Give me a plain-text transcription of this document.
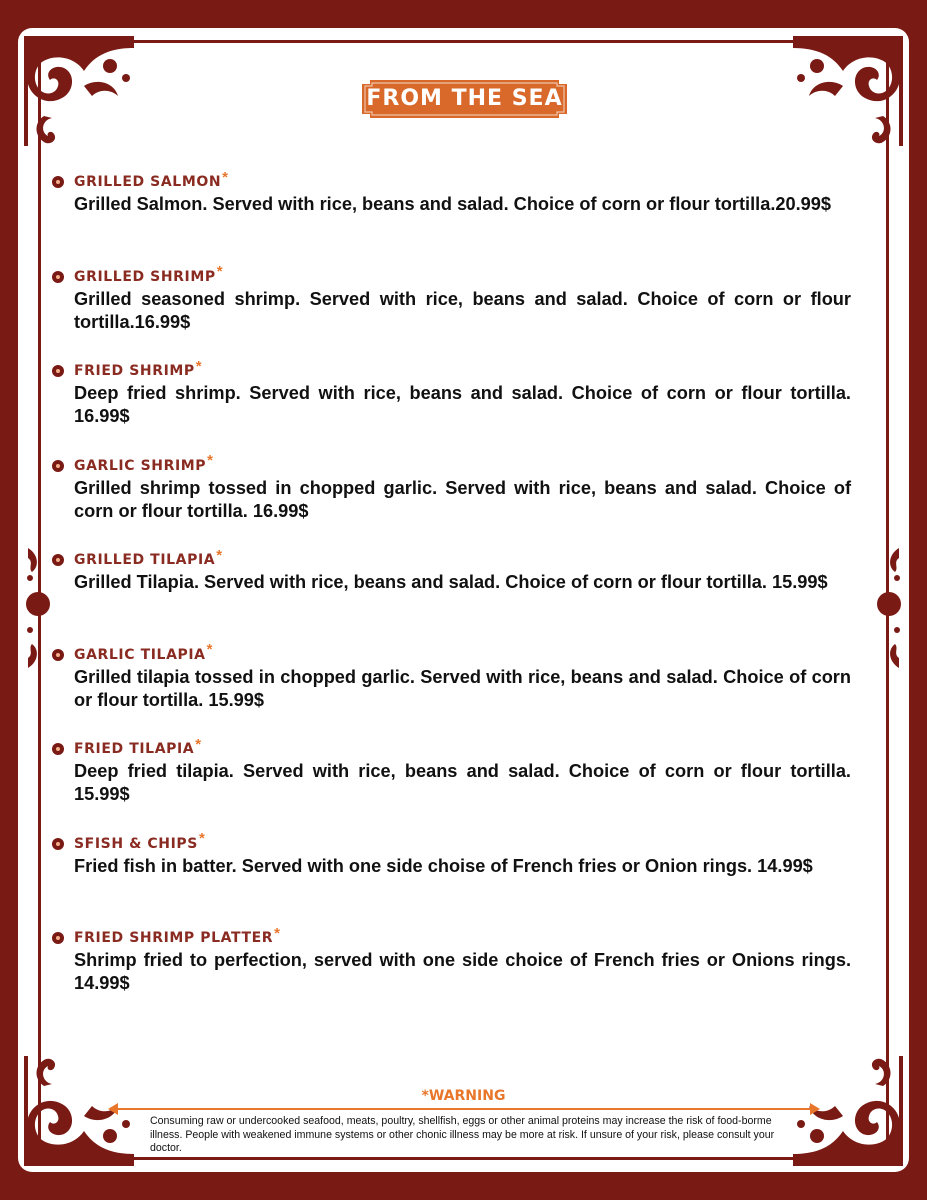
FROM THE SEA
GRILLED SALMON *
Grilled Salmon. Served with rice, beans and salad. Choice of corn or flour tortilla.20.99$
GRILLED SHRIMP *
Grilled seasoned shrimp. Served with rice, beans and salad. Choice of corn or flour tortilla.16.99$
FRIED SHRIMP *
Deep fried shrimp. Served with rice, beans and salad. Choice of corn or flour tortilla. 16.99$
GARLIC SHRIMP *
Grilled shrimp tossed in chopped garlic. Served with rice, beans and salad. Choice of corn or flour tortilla. 16.99$
GRILLED TILAPIA *
Grilled Tilapia. Served with rice, beans and salad. Choice of corn or flour tortilla. 15.99$
GARLIC TILAPIA *
Grilled tilapia tossed in chopped garlic. Served with rice, beans and salad. Choice of corn or flour tortilla. 15.99$
FRIED TILAPIA *
Deep fried tilapia. Served with rice, beans and salad. Choice of corn or flour tortilla. 15.99$
SFISH & CHIPS *
Fried fish in batter. Served with one side choise of French fries or Onion rings. 14.99$
FRIED SHRIMP PLATTER *
Shrimp fried to perfection, served with one side choice of French fries or Onions rings. 14.99$
*WARNING
Consuming raw or undercooked seafood, meats, poultry, shellfish, eggs or other animal proteins may increase the risk of food-borme illness. People with weakened immune systems or other chonic illness may be more at risk. If unsure of your risk, please consult your doctor.
